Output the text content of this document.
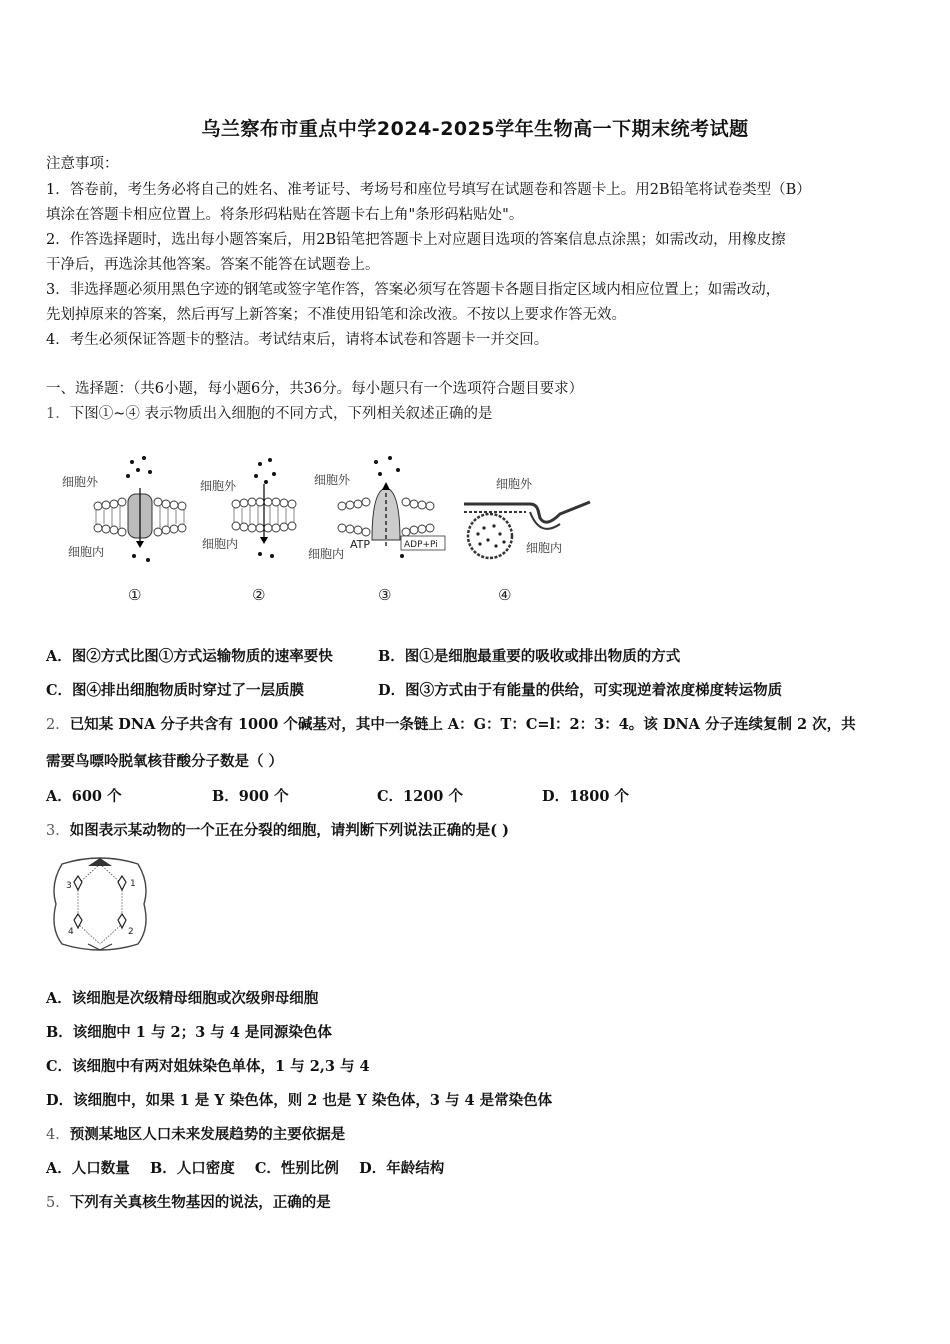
乌兰察布市重点中学2024-2025学年生物高一下期末统考试题
注意事项：
1．答卷前，考生务必将自己的姓名、准考证号、考场号和座位号填写在试题卷和答题卡上。用2B铅笔将试卷类型（B）
填涂在答题卡相应位置上。将条形码粘贴在答题卡右上角"条形码粘贴处"。
2．作答选择题时，选出每小题答案后，用2B铅笔把答题卡上对应题目选项的答案信息点涂黑；如需改动，用橡皮擦
干净后，再选涂其他答案。答案不能答在试题卷上。
3．非选择题必须用黑色字迹的钢笔或签字笔作答，答案必须写在答题卡各题目指定区域内相应位置上；如需改动，
先划掉原来的答案，然后再写上新答案；不准使用铅笔和涂改液。不按以上要求作答无效。
4．考生必须保证答题卡的整洁。考试结束后，请将本试卷和答题卡一并交回。
一、选择题：（共6小题，每小题6分，共36分。每小题只有一个选项符合题目要求）
1．下图①~④ 表示物质出入细胞的不同方式，下列相关叙述正确的是
细胞外
细胞内
①
细胞外
细胞内
②
细胞外
细胞内
ATP	ADP+Pi
③
细胞外
细胞内
④
A．图②方式比图①方式运输物质的速率要快	B．图①是细胞最重要的吸收或排出物质的方式
C．图④排出细胞物质时穿过了一层质膜	D．图③方式由于有能量的供给，可实现逆着浓度梯度转运物质
2．已知某 DNA 分子共含有 1000 个碱基对，其中一条链上 A：G：T：C=l：2：3：4。该 DNA 分子连续复制 2 次，共
需要鸟嘌呤脱氧核苷酸分子数是（ ）
A．600 个	B．900 个	C．1200 个	D．1800 个
3．如图表示某动物的一个正在分裂的细胞，请判断下列说法正确的是( )
3	1
4	2
A．该细胞是次级精母细胞或次级卵母细胞
B．该细胞中 1 与 2；3 与 4 是同源染色体
C．该细胞中有两对姐妹染色单体，1 与 2,3 与 4
D．该细胞中，如果 1 是 Y 染色体，则 2 也是 Y 染色体，3 与 4 是常染色体
4．预测某地区人口未来发展趋势的主要依据是
A．人口数量    B．人口密度    C．性别比例    D．年龄结构
5．下列有关真核生物基因的说法，正确的是
